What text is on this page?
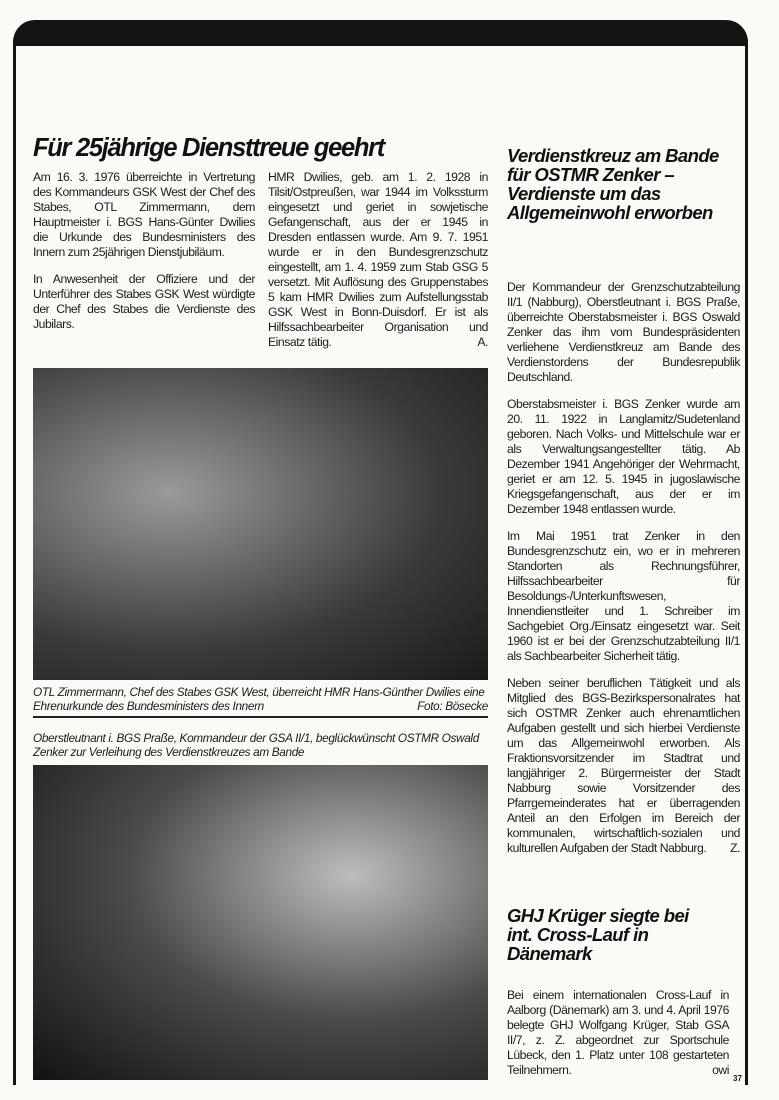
Für 25jährige Diensttreue geehrt

Am 16. 3. 1976 überreichte in Vertretung des Kommandeurs GSK West der Chef des Stabes, OTL Zimmermann, dem Hauptmeister i. BGS Hans-Günter Dwilies die Urkunde des Bundesministers des Innern zum 25jährigen Dienstjubiläum.

In Anwesenheit der Offiziere und der Unterführer des Stabes GSK West würdigte der Chef des Stabes die Verdienste des Jubilars.

HMR Dwilies, geb. am 1. 2. 1928 in Tilsit/Ostpreußen, war 1944 im Volkssturm eingesetzt und geriet in sowjetische Gefangenschaft, aus der er 1945 in Dresden entlassen wurde. Am 9. 7. 1951 wurde er in den Bundesgrenzschutz eingestellt, am 1. 4. 1959 zum Stab GSG 5 versetzt. Mit Auflösung des Gruppenstabes 5 kam HMR Dwilies zum Aufstellungsstab GSK West in Bonn-Duisdorf. Er ist als Hilfssachbearbeiter Organisation und Einsatz tätig.	A.

OTL Zimmermann, Chef des Stabes GSK West, überreicht HMR Hans-Günther Dwilies eine Ehrenurkunde des Bundesministers des Innern	Foto: Bösecke
Oberstleutnant i. BGS Praße, Kommandeur der GSA II/1, beglückwünscht OSTMR Oswald Zenker zur Verleihung des Verdienstkreuzes am Bande
Verdienstkreuz am Bande für OSTMR Zenker – Verdienste um das Allgemeinwohl erworben

Der Kommandeur der Grenzschutzabteilung II/1 (Nabburg), Oberstleutnant i. BGS Praße, überreichte Oberstabsmeister i. BGS Oswald Zenker das ihm vom Bundespräsidenten verliehene Verdienstkreuz am Bande des Verdienstordens der Bundesrepublik Deutschland.

Oberstabsmeister i. BGS Zenker wurde am 20. 11. 1922 in Langlamitz/Sudetenland geboren. Nach Volks- und Mittelschule war er als Verwaltungsangestellter tätig. Ab Dezember 1941 Angehöriger der Wehrmacht, geriet er am 12. 5. 1945 in jugoslawische Kriegsgefangenschaft, aus der er im Dezember 1948 entlassen wurde.

Im Mai 1951 trat Zenker in den Bundesgrenzschutz ein, wo er in mehreren Standorten als Rechnungsführer, Hilfssachbearbeiter für Besoldungs-/Unterkunftswesen, Innendienstleiter und 1. Schreiber im Sachgebiet Org./Einsatz eingesetzt war. Seit 1960 ist er bei der Grenzschutzabteilung II/1 als Sachbearbeiter Sicherheit tätig.

Neben seiner beruflichen Tätigkeit und als Mitglied des BGS-Bezirkspersonalrates hat sich OSTMR Zenker auch ehrenamtlichen Aufgaben gestellt und sich hierbei Verdienste um das Allgemeinwohl erworben. Als Fraktionsvorsitzender im Stadtrat und langjähriger 2. Bürgermeister der Stadt Nabburg sowie Vorsitzender des Pfarrgemeinderates hat er überragenden Anteil an den Erfolgen im Bereich der kommunalen, wirtschaftlich-sozialen und kulturellen Aufgaben der Stadt Nabburg. Z.

GHJ Krüger siegte bei int. Cross-Lauf in Dänemark

Bei einem internationalen Cross-Lauf in Aalborg (Dänemark) am 3. und 4. April 1976 belegte GHJ Wolfgang Krüger, Stab GSA II/7, z. Z. abgeordnet zur Sportschule Lübeck, den 1. Platz unter 108 gestarteten Teilnehmern.	owi

37
